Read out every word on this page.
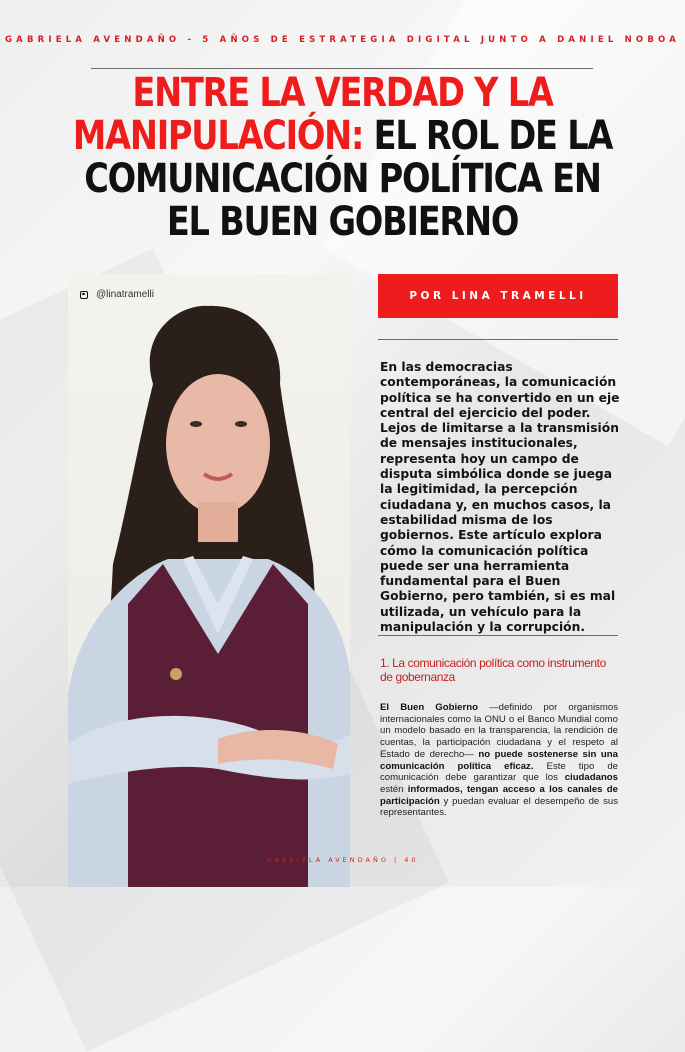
GABRIELA AVENDAÑO - 5 AÑOS DE ESTRATEGIA DIGITAL JUNTO A DANIEL NOBOA
ENTRE LA VERDAD Y LA MANIPULACIÓN: EL ROL DE LA COMUNICACIÓN POLÍTICA EN EL BUEN GOBIERNO
@linatramelli	POR LINA TRAMELLI
En las democracias contemporáneas, la comunicación política se ha convertido en un eje central del ejercicio del poder. Lejos de limitarse a la transmisión de mensajes institucionales, representa hoy un campo de disputa simbólica donde se juega la legitimidad, la percepción ciudadana y, en muchos casos, la estabilidad misma de los gobiernos. Este artículo explora cómo la comunicación política puede ser una herramienta fundamental para el Buen Gobierno, pero también, si es mal utilizada, un vehículo para la manipulación y la corrupción.
1. La comunicación política como instrumento de gobernanza
El Buen Gobierno —definido por organismos internacionales como la ONU o el Banco Mundial como un modelo basado en la transparencia, la rendición de cuentas, la participación ciudadana y el respeto al Estado de derecho— no puede sostenerse sin una comunicación política eficaz. Este tipo de comunicación debe garantizar que los ciudadanos estén informados, tengan acceso a los canales de participación y puedan evaluar el desempeño de sus representantes.
GABRIELA AVENDAÑO | 40
